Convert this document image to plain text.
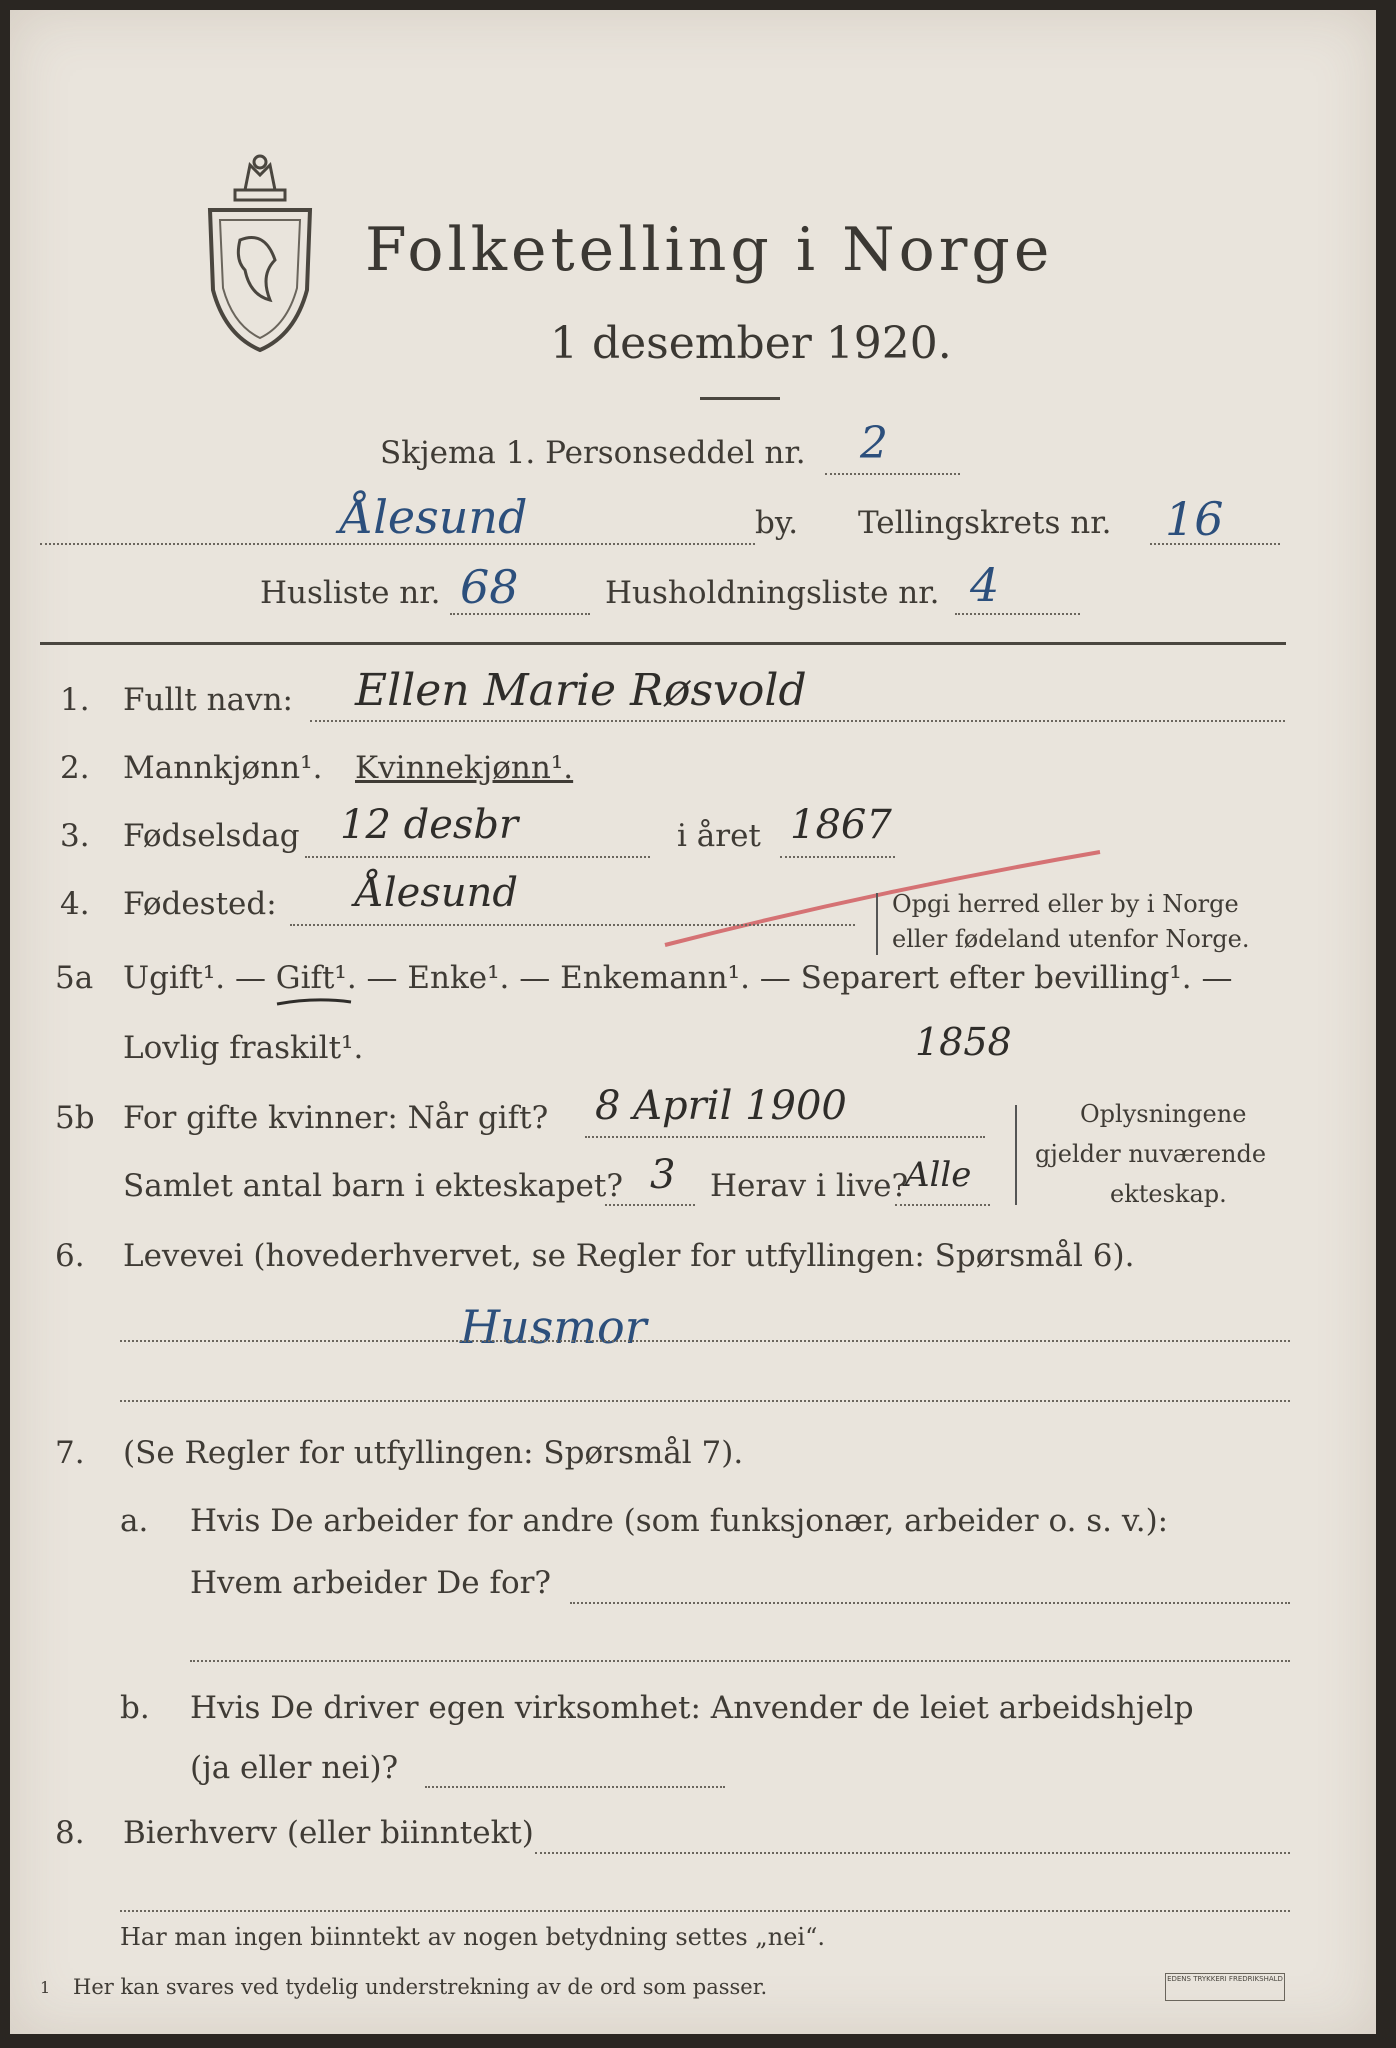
Folketelling i Norge
1 desember 1920.
Skjema 1. Personseddel nr. 2
Ålesund	by. Tellingskrets nr. 16
Husliste nr. 68	Husholdningsliste nr. 4
1. Fullt navn: Ellen Marie Røsvold
2. Mannkjønn¹. Kvinnekjønn¹.
3. Fødselsdag 12 desbr	i året 1867
4. Fødested: Ålesund	Opgi herred eller by i Norge
eller fødeland utenfor Norge.
5a Ugift¹. — Gift¹. — Enke¹. — Enkemann¹. — Separert efter bevilling¹. —
Lovlig fraskilt¹.	1858
5b For gifte kvinner: Når gift? 8 April 1900
Samlet antal barn i ekteskapet? 3 Herav i live?
Alle
Oplysningene
gjelder nuværende
ekteskap.
6. Levevei (hovederhvervet, se Regler for utfyllingen: Spørsmål 6).
Husmor
7. (Se Regler for utfyllingen: Spørsmål 7).
a. Hvis De arbeider for andre (som funksjonær, arbeider o. s. v.):
Hvem arbeider De for?
b. Hvis De driver egen virksomhet: Anvender de leiet arbeidshjelp
(ja eller nei)?
8. Bierhverv (eller biinntekt)
Har man ingen biinntekt av nogen betydning settes „nei“.
1 Her kan svares ved tydelig understrekning av de ord som passer.	EDENS TRYKKERI FREDRIKSHALD
